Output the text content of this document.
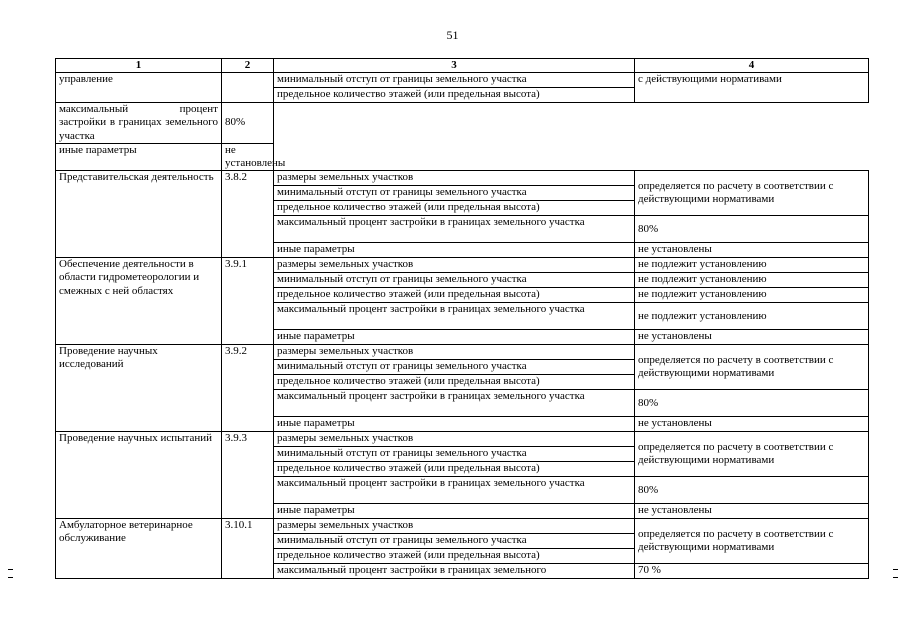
51
1	2	3	4
управление		минимальный отступ от границы земельного участка	с действующими нормативами
		предельное количество этажей (или предельная высота)	
максимальный процент застройки в границах земельного участка	80%		
иные параметры	не установлены		
Представительская деятельность	3.8.2	размеры земельных участков	определяется по расчету в соответствии с действующими нормативами
		минимальный отступ от границы земельного участка	
		предельное количество этажей (или предельная высота)	
		максимальный процент застройки в границах земельного участка	80%
		иные параметры	не установлены
Обеспечение деятельности в области гидрометеорологии и смежных с ней областях	3.9.1	размеры земельных участков	не подлежит установлению
		минимальный отступ от границы земельного участка	не подлежит установлению
		предельное количество этажей (или предельная высота)	не подлежит установлению
		максимальный процент застройки в границах земельного участка	не подлежит установлению
		иные параметры	не установлены
Проведение научных исследований	3.9.2	размеры земельных участков	определяется по расчету в соответствии с действующими нормативами
		минимальный отступ от границы земельного участка	
		предельное количество этажей (или предельная высота)	
		максимальный процент застройки в границах земельного участка	80%
		иные параметры	не установлены
Проведение научных испытаний	3.9.3	размеры земельных участков	определяется по расчету в соответствии с действующими нормативами
		минимальный отступ от границы земельного участка	
		предельное количество этажей (или предельная высота)	
		максимальный процент застройки в границах земельного участка	80%
		иные параметры	не установлены
Амбулаторное ветеринарное обслуживание	3.10.1	размеры земельных участков	определяется по расчету в соответствии с действующими нормативами
		минимальный отступ от границы земельного участка	
		предельное количество этажей (или предельная высота)	
		максимальный процент застройки в границах земельного	70 %
